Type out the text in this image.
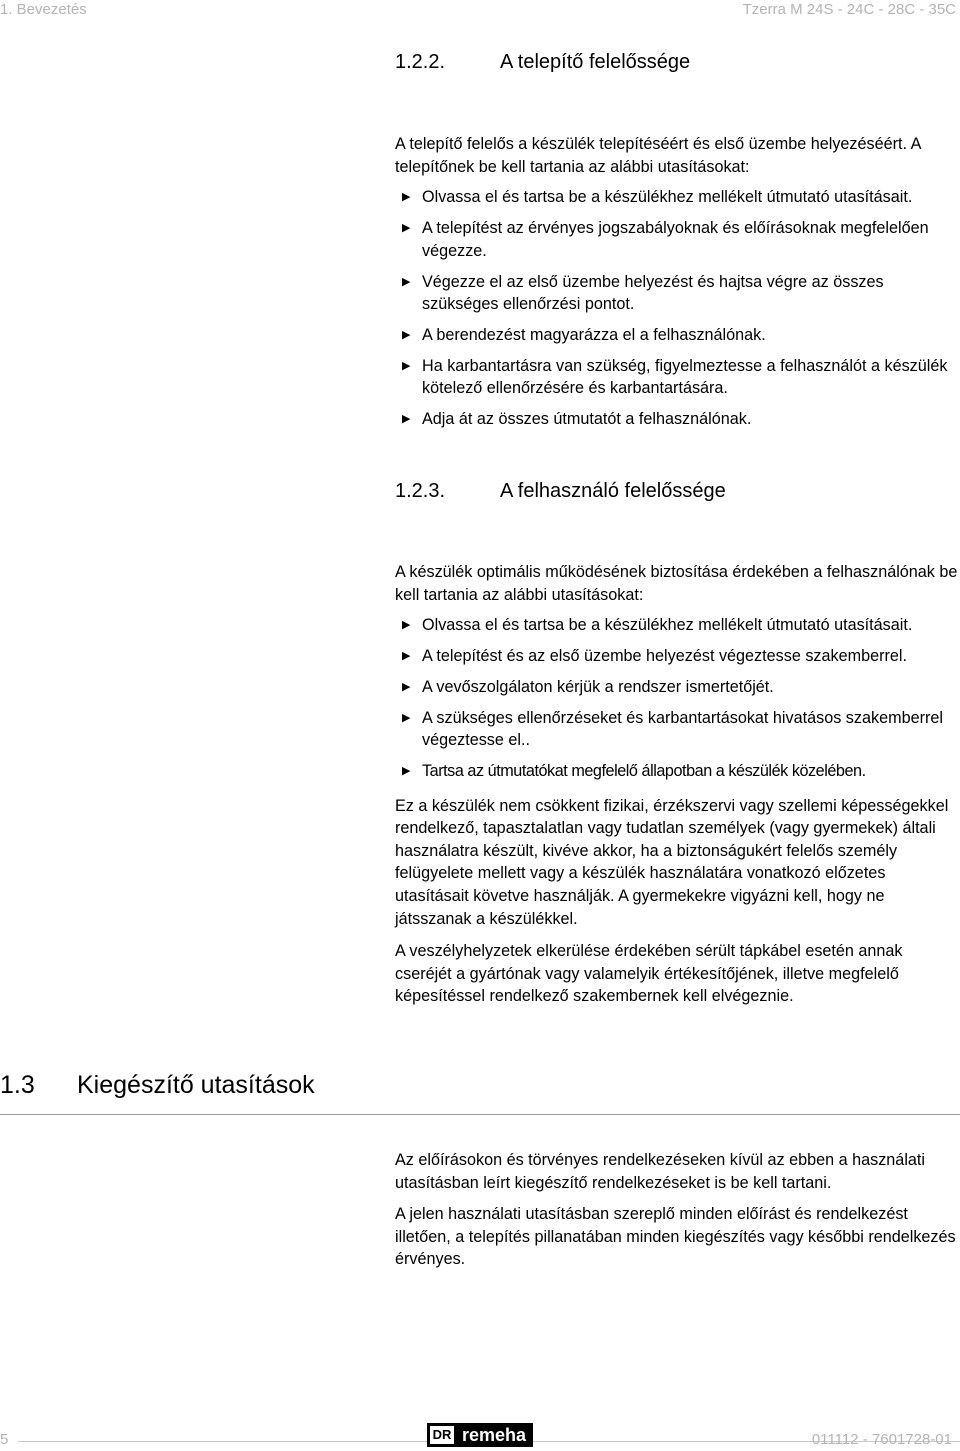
1. Bevezetés	Tzerra M 24S - 24C - 28C - 35C
1.2.2.	A telepítő felelőssége

A telepítő felelős a készülék telepítéséért és első üzembe helyezéséért. A telepítőnek be kell tartania az alábbi utasításokat:

▶ Olvassa el és tartsa be a készülékhez mellékelt útmutató utasításait.
▶ A telepítést az érvényes jogszabályoknak és előírásoknak megfelelően végezze.
▶ Végezze el az első üzembe helyezést és hajtsa végre az összes szükséges ellenőrzési pontot.
▶ A berendezést magyarázza el a felhasználónak.
▶ Ha karbantartásra van szükség, figyelmeztesse a felhasználót a készülék kötelező ellenőrzésére és karbantartására.
▶ Adja át az összes útmutatót a felhasználónak.
1.2.3.	A felhasználó felelőssége

A készülék optimális működésének biztosítása érdekében a felhasználónak be kell tartania az alábbi utasításokat:

▶ Olvassa el és tartsa be a készülékhez mellékelt útmutató utasításait.
▶ A telepítést és az első üzembe helyezést végeztesse szakemberrel.
▶ A vevőszolgálaton kérjük a rendszer ismertetőjét.
▶ A szükséges ellenőrzéseket és karbantartásokat hivatásos szakemberrel végeztesse el..
▶ Tartsa az útmutatókat megfelelő állapotban a készülék közelében.

Ez a készülék nem csökkent fizikai, érzékszervi vagy szellemi képességekkel rendelkező, tapasztalatlan vagy tudatlan személyek (vagy gyermekek) általi használatra készült, kivéve akkor, ha a biztonságukért felelős személy felügyelete mellett vagy a készülék használatára vonatkozó előzetes utasításait követve használják. A gyermekekre vigyázni kell, hogy ne játsszanak a készülékkel.

A veszélyhelyzetek elkerülése érdekében sérült tápkábel esetén annak cseréjét a gyártónak vagy valamelyik értékesítőjének, illetve megfelelő képesítéssel rendelkező szakembernek kell elvégeznie.

1.3 Kiegészítő utasítások

Az előírásokon és törvényes rendelkezéseken kívül az ebben a használati utasításban leírt kiegészítő rendelkezéseket is be kell tartani.

A jelen használati utasításban szereplő minden előírást és rendelkezést illetően, a telepítés pillanatában minden kiegészítés vagy későbbi rendelkezés érvényes.

5	DR remeha	011112 - 7601728-01
